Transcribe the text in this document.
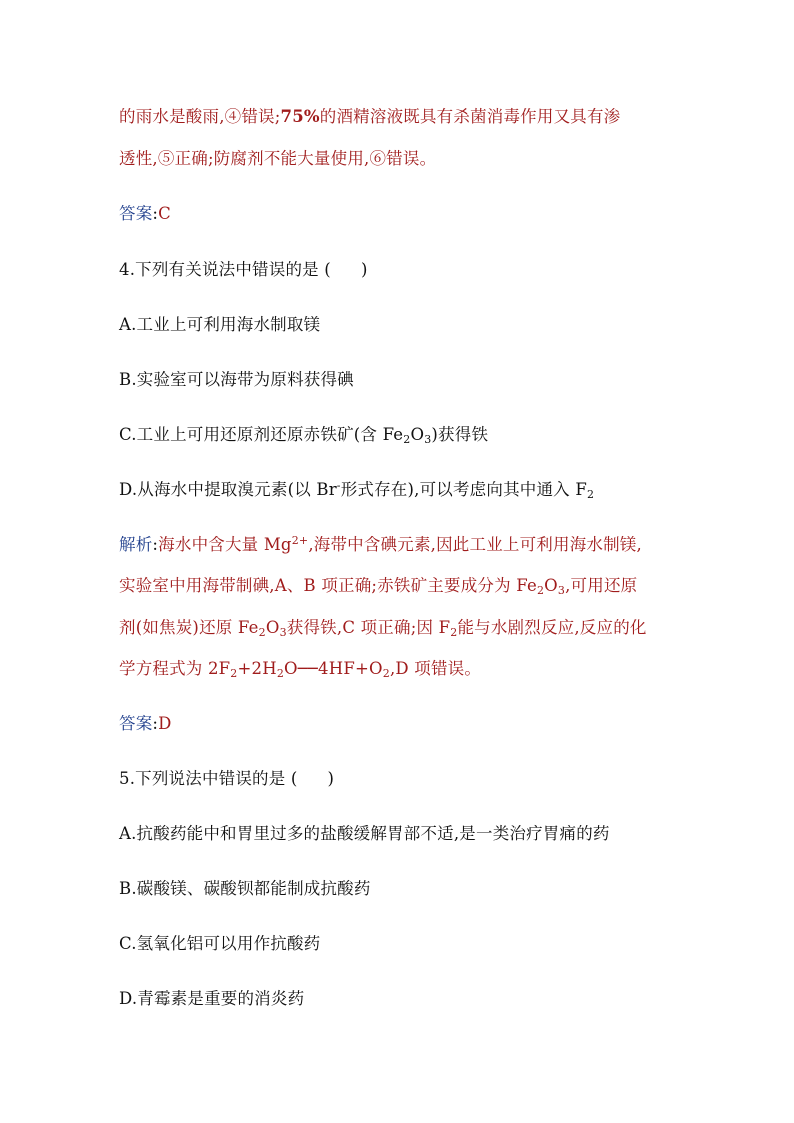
的雨水是酸雨,④错误;75%的酒精溶液既具有杀菌消毒作用又具有渗
透性,⑤正确;防腐剂不能大量使用,⑥错误。
答案:C
4.下列有关说法中错误的是 ( )
A.工业上可利用海水制取镁
B.实验室可以海带为原料获得碘
C.工业上可用还原剂还原赤铁矿(含 $Fe_2O_3$)获得铁
D.从海水中提取溴元素(以 Br-形式存在),可以考虑向其中通入 $F_2$
解析:海水中含大量 $Mg^{2+}$,海带中含碘元素,因此工业上可利用海水制镁,
实验室中用海带制碘,A、B 项正确;赤铁矿主要成分为 $Fe_2O_3$,可用还原
剂(如焦炭)还原 $Fe_2O_3$获得铁,C 项正确;因 $F_2$能与水剧烈反应,反应的化
学方程式为 $2F_2+2H_2O──4HF+O_2,D$ 项错误。
答案:D
5.下列说法中错误的是 ( )
A.抗酸药能中和胃里过多的盐酸缓解胃部不适,是一类治疗胃痛的药
B.碳酸镁、碳酸钡都能制成抗酸药
C.氢氧化铝可以用作抗酸药
D.青霉素是重要的消炎药
